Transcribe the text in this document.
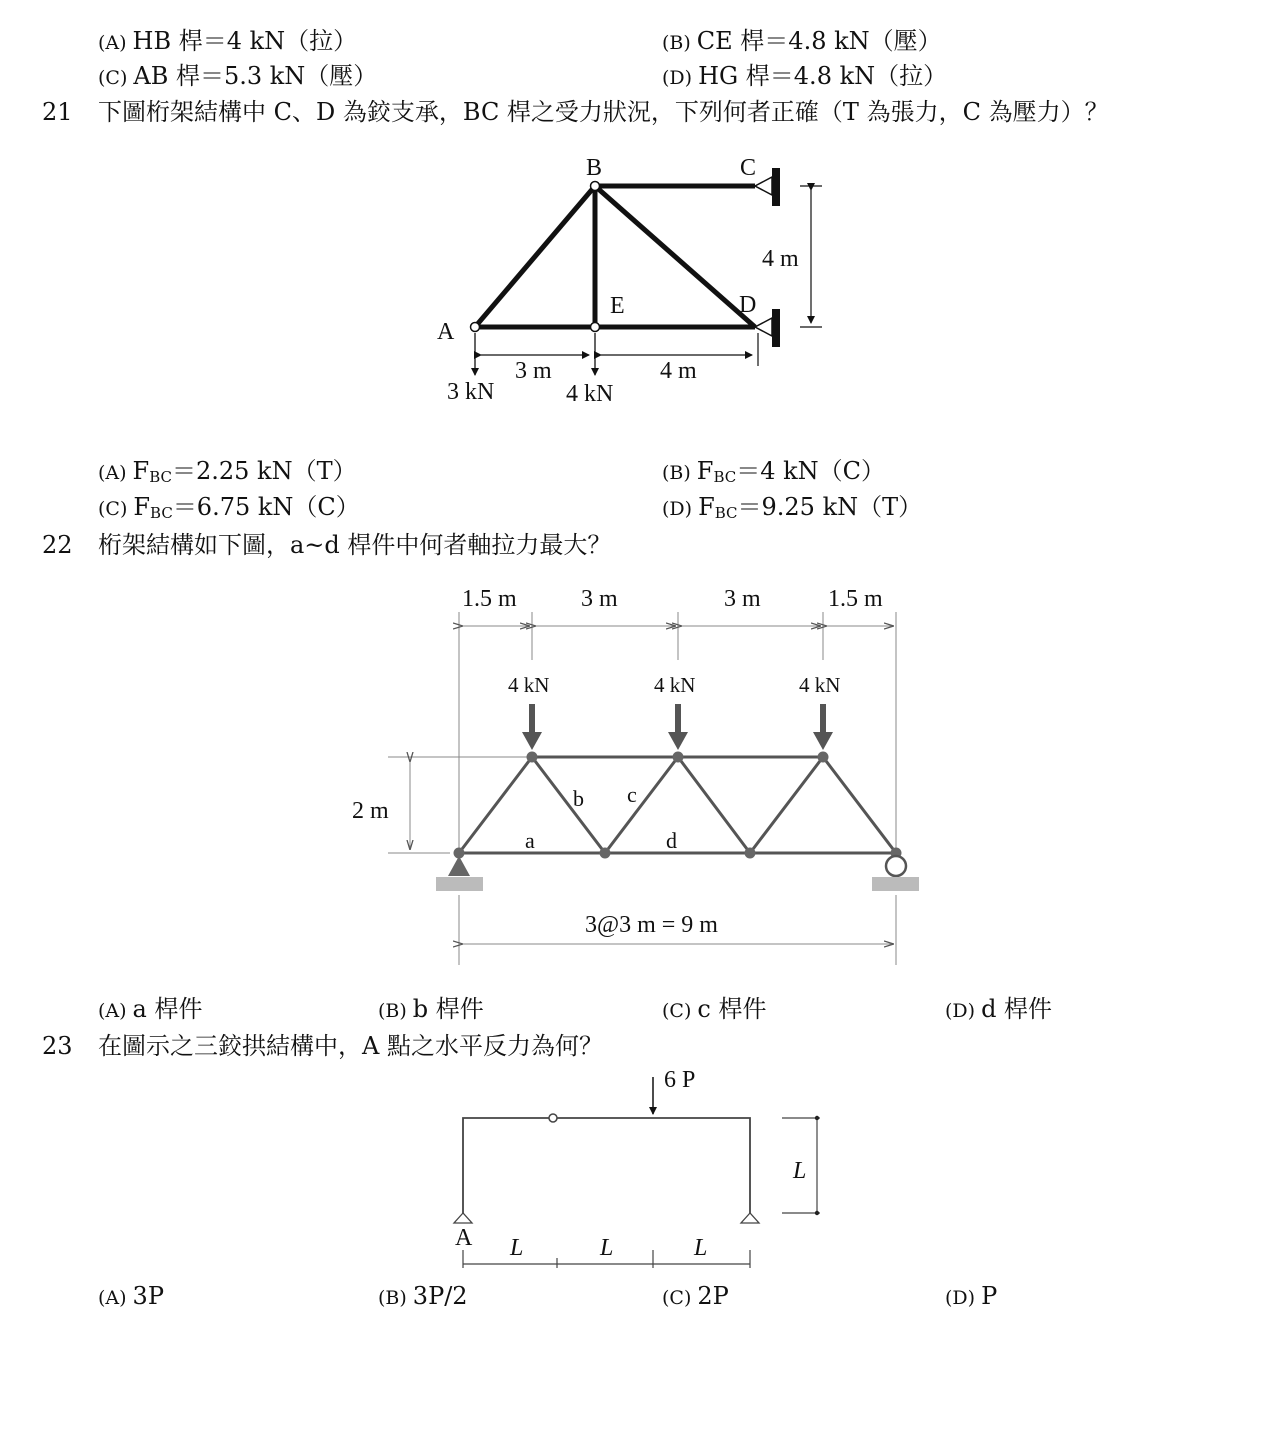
(A) HB 桿＝4 kN（拉）	(B) CE 桿＝4.8 kN（壓）
(C) AB 桿＝5.3 kN（壓）	(D) HG 桿＝4.8 kN（拉）
21 下圖桁架結構中 C、D 為鉸支承，BC 桿之受力狀況，下列何者正確（T 為張力，C 為壓力）？
B	C
A
D
E
4 m
3 m	4 m
3 kN	4 kN
1.5 m	3 m	3 m	1.5 m
2 m
4 kN	4 kN	4 kN
a
b c
d
3@3 m = 9 m
6 P
L
A L	L	L
(A) $F_{BC}=2.25$ kN（T）	(B) $F_{BC}=4$ kN（C）
(C) $F_{BC}=6.75$ kN（C）	(D) $F_{BC}=9.25$ kN（T）
22 桁架結構如下圖，a~d 桿件中何者軸拉力最大？
(A) a 桿件	(B) b 桿件	(C) c 桿件	(D) d 桿件
23 在圖示之三鉸拱結構中，A 點之水平反力為何？
(A) 3P	(B) 3P/2	(C) 2P	(D) P
